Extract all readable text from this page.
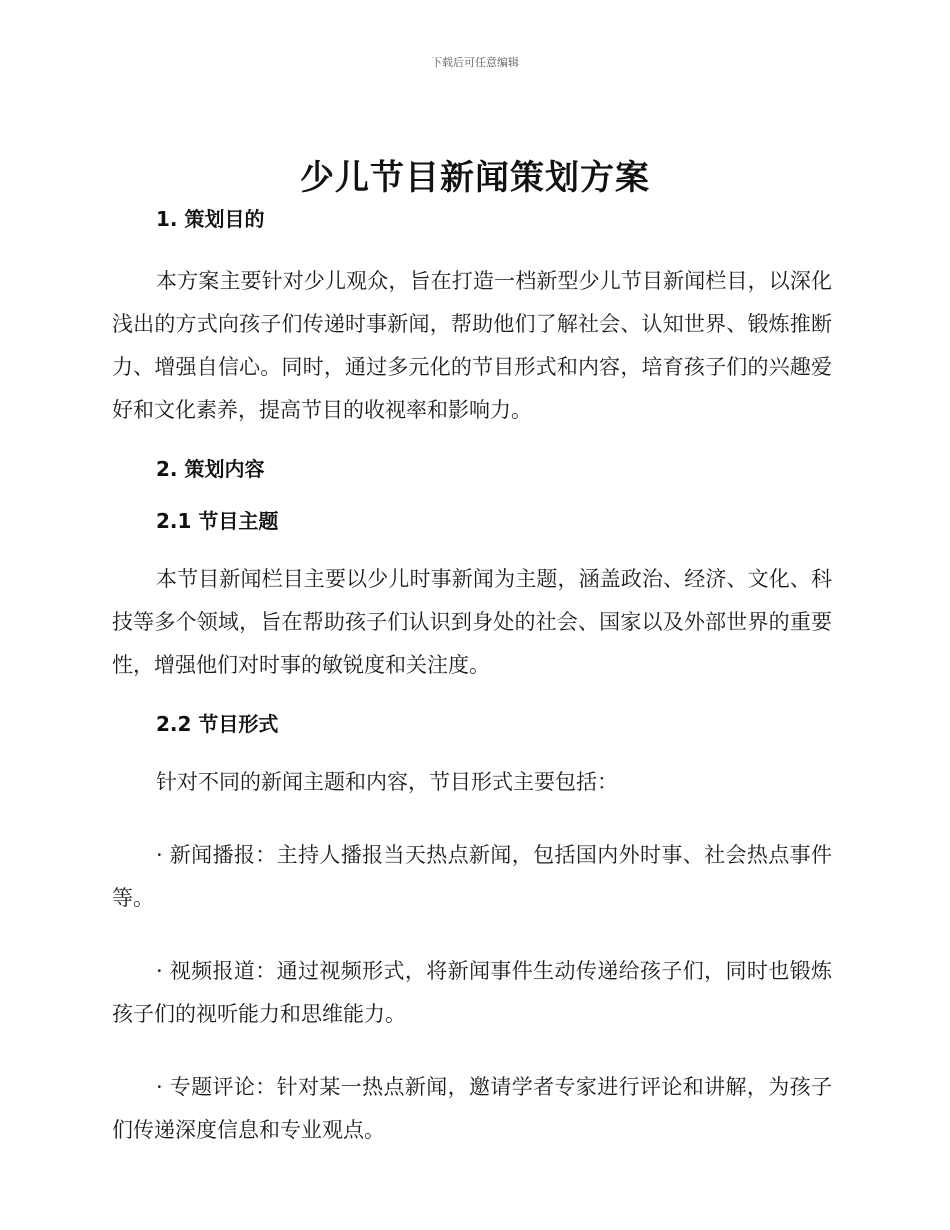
下载后可任意编辑
少儿节目新闻策划方案
1. 策划目的

本方案主要针对少儿观众，旨在打造一档新型少儿节目新闻栏目，以深化浅出的方式向孩子们传递时事新闻，帮助他们了解社会、认知世界、锻炼推断力、增强自信心。同时，通过多元化的节目形式和内容，培育孩子们的兴趣爱好和文化素养，提高节目的收视率和影响力。

2. 策划内容
2.1 节目主题

本节目新闻栏目主要以少儿时事新闻为主题，涵盖政治、经济、文化、科技等多个领域，旨在帮助孩子们认识到身处的社会、国家以及外部世界的重要性，增强他们对时事的敏锐度和关注度。

2.2 节目形式

针对不同的新闻主题和内容，节目形式主要包括：

· 新闻播报：主持人播报当天热点新闻，包括国内外时事、社会热点事件等。

· 视频报道：通过视频形式，将新闻事件生动传递给孩子们，同时也锻炼孩子们的视听能力和思维能力。

· 专题评论：针对某一热点新闻，邀请学者专家进行评论和讲解，为孩子们传递深度信息和专业观点。
